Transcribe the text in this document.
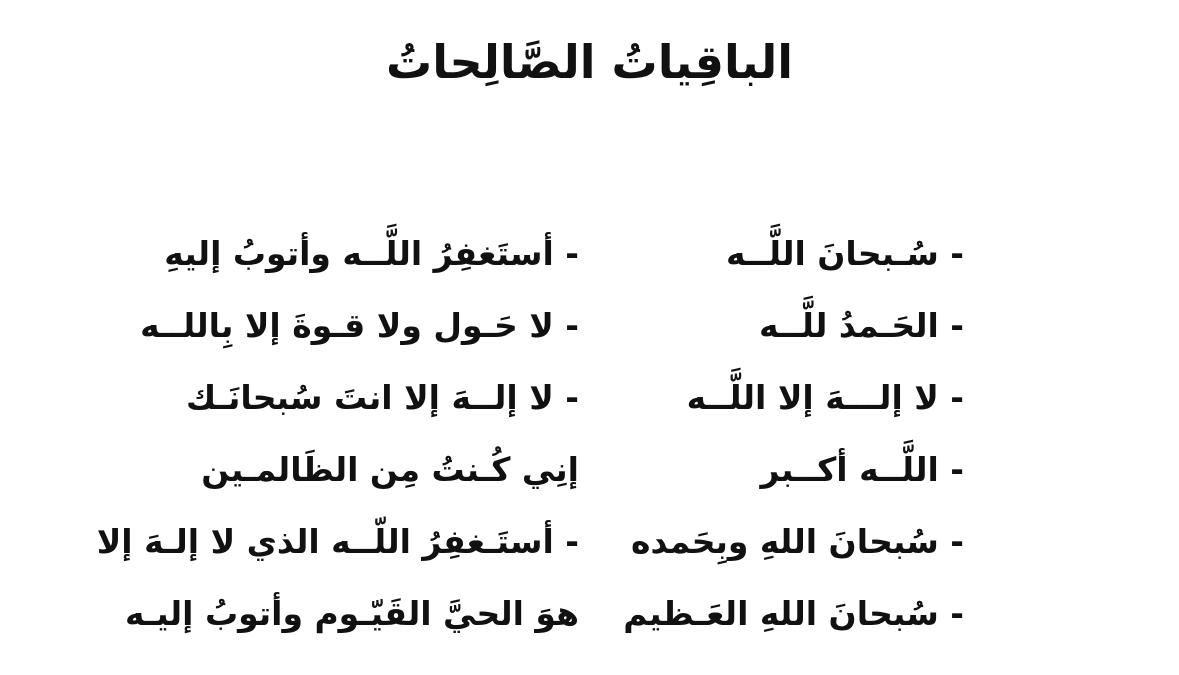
الباقِياتُ الصَّالِحاتُ
- سُـبحانَ اللَّــه
- الحَـمدُ للَّــه
- لا إلـــهَ إلا اللَّــه
- اللَّــه أكــبر
- سُبحانَ اللهِ وبِحَمده
- سُبحانَ اللهِ العَـظيم
- أستَغفِرُ اللَّــه وأتوبُ إليهِ
- لا حَـول ولا قـوةَ إلا بِاللــه
- لا إلــهَ إلا انتَ سُبحانَـك
إنِي كُـنتُ مِن الظَالمـين
- أستَـغفِرُ اللّــه الذي لا إلـهَ إلا
هوَ الحيَّ القَيّـوم وأتوبُ إليـه
